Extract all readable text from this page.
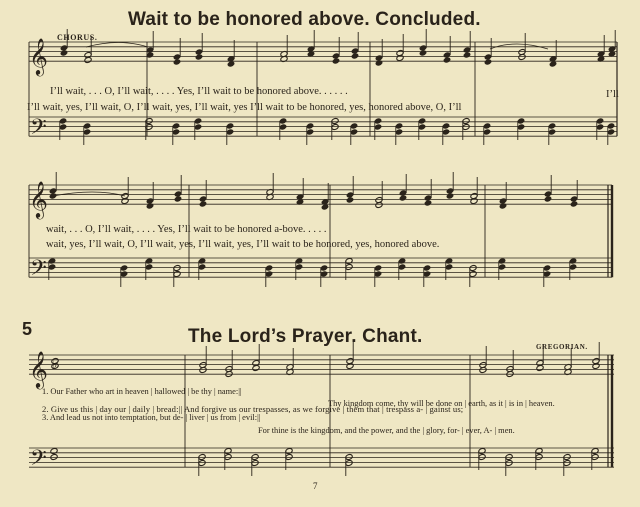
Wait to be honored above. Concluded.
CHORUS.
I’ll wait, . . . O, I’ll wait, . . . . Yes, I’ll wait to be honored above. . . . . .	I’ll
I’ll wait, yes, I’ll wait, O, I’ll wait, yes, I’ll wait, yes I’ll wait to be honored, yes, honored above, O, I’ll
wait, . . . O, I’ll wait, . . . . Yes, I’ll wait to be honored a-bove. . . . .
wait, yes, I’ll wait, O, I’ll wait, yes, I’ll wait, yes, I’ll wait to be honored, yes, honored above.
5	The Lord’s Prayer. Chant.	GREGORIAN.
1. Our Father who art in heaven | hallowed | be thy | name:||
Thy kingdom come, thy will be done on | earth, as it | is in | heaven.
2. Give us this | day our | daily | bread:|| And forgive us our trespasses, as we forgive | them that | trespass a- | gainst us;
3. And lead us not into temptation, but de- | liver | us from | evil:||
For thine is the kingdom, and the power, and the | glory, for- | ever, A- | men.
7
𝄞
𝄢
𝄞
𝄢
𝄞
𝄢
♭
